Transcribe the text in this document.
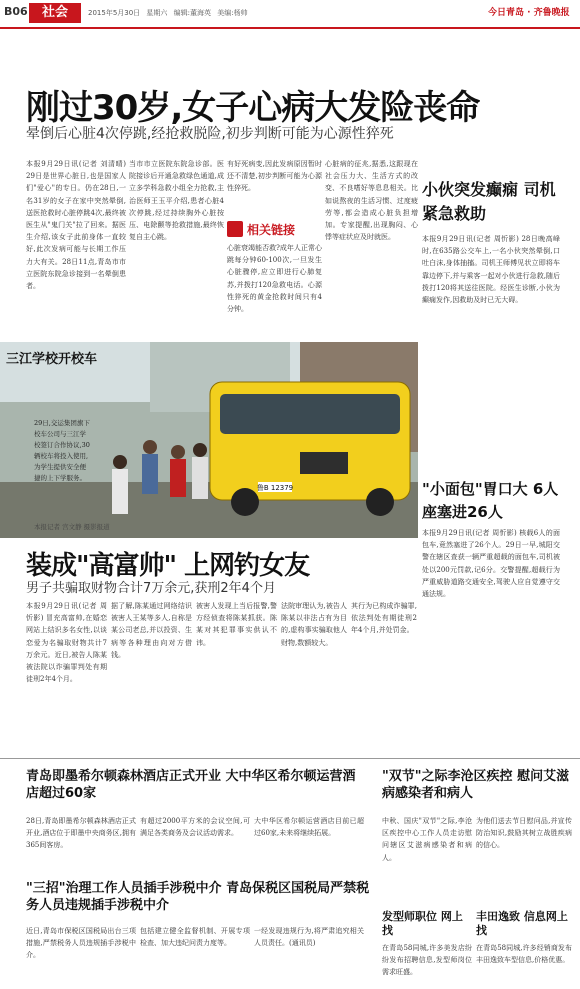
B06	社会	2015年5月30日 星期六 编辑:董海英 美编:杨帅	今日青岛 · 齐鲁晚报
刚过30岁,女子心病大发险丧命
晕倒后心脏4次停跳,经抢救脱险,初步判断可能为心源性猝死
本报9月29日讯(记者 刘清晴) 29日是世界心脏日,也是国家人们"爱心"的专日。仍在28日,一名31岁的女子在家中突然晕倒,送医抢救时心脏停跳4次,最终被医生从"鬼门关"拉了回来。据医生介绍,该女子此前身体一直较好,此次发病可能与长期工作压力大有关。28日11点,青岛市市立医院东院急诊接到一名晕倒患者。
当市市立医院东院急诊部。医院接诊后开通急救绿色通道,成立多学科急救小组全力抢救,主治医师王玉平介绍,患者心脏4次停跳,经过持续胸外心脏按压、电除颤等抢救措施,最终恢复自主心跳。
有好死病变,因此发病原因暂时还不清楚,初步判断可能为心源性猝死。
相关链接
心脏衰竭能否救?成年人正常心跳每分钟60-100次,一旦发生心脏骤停,应立即进行心肺复苏,并拨打120急救电话。心源性猝死的黄金抢救时间只有4分钟。
心脏病的征兆,据悉,这跟现在社会压力大、生活方式的改变、不良嗜好等息息相关。比如说熬夜的生活习惯、过度疲劳等,都会造成心脏负担增加。专家提醒,出现胸闷、心悸等症状应及时就医。
小伙突发癫痫 司机紧急救助
本报9月29日讯(记者 周忻影) 28日晚高峰时,在635路公交车上,一名小伙突然晕倒,口吐白沫,身体抽搐。司机王师傅见状立即将车靠边停下,并与乘客一起对小伙进行急救,随后拨打120将其送往医院。经医生诊断,小伙为癫痫发作,因救助及时已无大碍。
鲁B 12379
三江学校开校车
29日,交运集团旗下校车公司与三江学校签订合作协议,30辆校车将投入使用,为学生提供安全便捷的上下学服务。
本报记者 宫文静 摄影报道
装成"高富帅" 上网钓女友
男子共骗取财物合计7万余元,获刑2年4个月
本报9月29日讯(记者 周忻影) 冒充高富帅,在婚恋网站上结识多名女性,以谈恋爱为名骗取财物共计7万余元。近日,被告人陈某被法院以诈骗罪判处有期徒刑2年4个月。
据了解,陈某通过网络结识被害人王某等多人,自称是某公司老总,并以投资、生病等各种理由向对方借钱。
被害人发现上当后报警,警方经侦查将陈某抓获。陈某对其犯罪事实供认不讳。
法院审理认为,被告人陈某以非法占有为目的,虚构事实骗取他人财物,数额较大。
其行为已构成诈骗罪,依法判处有期徒刑2年4个月,并处罚金。
"小面包"胃口大 6人座塞进26人
本报9月29日讯(记者 周忻影) 核载6人的面包车,竟然塞进了26个人。29日一早,城阳交警在辖区查获一辆严重超载的面包车,司机被处以200元罚款,记6分。交警提醒,超载行为严重威胁道路交通安全,驾驶人应自觉遵守交通法规。
青岛即墨希尔顿森林酒店正式开业 大中华区希尔顿运营酒店超过60家
28日,青岛即墨希尔顿森林酒店正式开业,酒店位于即墨中央商务区,拥有365间客房。
有超过2000平方米的会议空间,可满足各类商务及会议活动需求。
大中华区希尔顿运营酒店目前已超过60家,未来将继续拓展。
"三招"治理工作人员插手涉税中介 青岛保税区国税局严禁税务人员违规插手涉税中介
近日,青岛市保税区国税局出台三项措施,严禁税务人员违规插手涉税中介。
包括建立健全监督机制、开展专项检查、加大违纪问责力度等。
一经发现违规行为,将严肃追究相关人员责任。(通讯员)
"双节"之际李沧区疾控 慰问艾滋病感染者和病人
中秋、国庆"双节"之际,李沧区疾控中心工作人员走访慰问辖区艾滋病感染者和病人。
为他们送去节日慰问品,并宣传防治知识,鼓励其树立战胜疾病的信心。
发型师职位 网上找
在青岛58同城,许多美发店纷纷发布招聘信息,发型师岗位需求旺盛。
丰田逸致 信息网上找
在青岛58同城,许多经销商发布丰田逸致车型信息,价格优惠。
